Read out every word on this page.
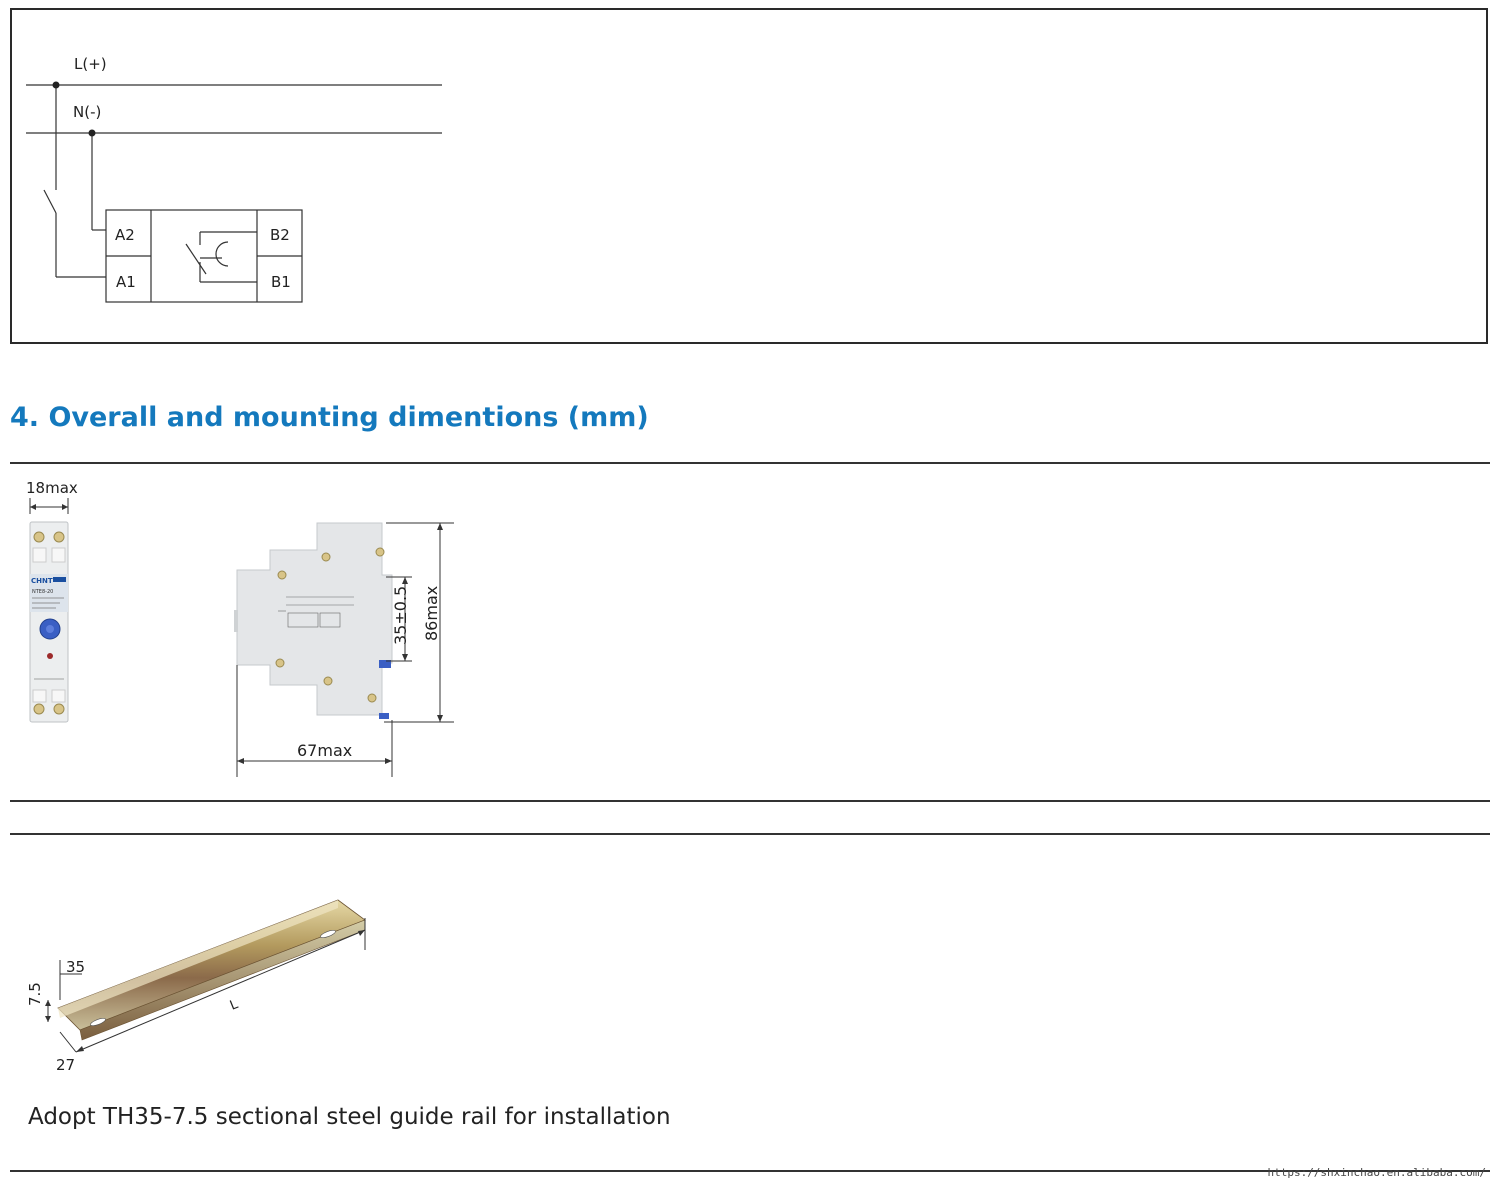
L(+)
N(-)
A2
A1
B2
B1
4. Overall and mounting dimentions (mm)
18max
CHNT
NTE8-20	35±0.5 86max
67max
35
7.5
27
L
Adopt TH35-7.5 sectional steel guide rail for installation
https://shxinchao.en.alibaba.com/
